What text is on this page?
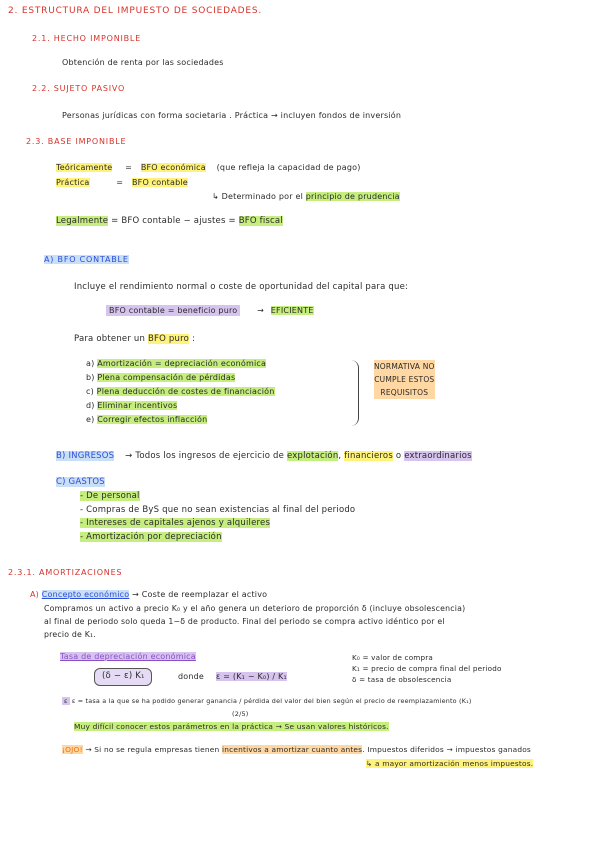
2. ESTRUCTURA DEL IMPUESTO DE SOCIEDADES.
2.1. HECHO IMPONIBLE
Obtención de renta por las sociedades
2.2. SUJETO PASIVO
Personas jurídicas con forma societaria . Práctica → incluyen fondos de inversión
2.3. BASE IMPONIBLE
Teóricamente = BFO económica (que refleja la capacidad de pago)
Práctica	= BFO contable
↳ Determinado por el principio de prudencia
Legalmente = BFO contable − ajustes = BFO fiscal
A) BFO CONTABLE
Incluye el rendimiento normal o coste de oportunidad del capital para que:
BFO contable = beneficio puro → EFICIENTE
Para obtener un BFO puro :
a) Amortización = depreciación económica
b) Plena compensación de pérdidas
c) Plena deducción de costes de financiación
d) Eliminar incentivos
e) Corregir efectos inflacción
NORMATIVA NO
CUMPLE ESTOS
REQUISITOS
B) INGRESOS → Todos los ingresos de ejercicio de explotación, financieros o extraordinarios
C) GASTOS
- De personal
- Compras de ByS que no sean existencias al final del periodo
- Intereses de capitales ajenos y alquileres
- Amortización por depreciación
2.3.1. AMORTIZACIONES
A) Concepto económico → Coste de reemplazar el activo
Compramos un activo a precio K₀ y el año genera un deterioro de proporción δ (incluye obsolescencia)
al final de periodo solo queda 1−δ de producto. Final del periodo se compra activo idéntico por el
precio de K₁.
Tasa de depreciación económica
(δ − ε) K₁	donde ε = (K₁ − K₀) / K₁
K₀ = valor de compra
K₁ = precio de compra final del periodo
δ = tasa de obsolescencia
ε ε = tasa a la que se ha podido generar ganancia / pérdida del valor del bien según el precio de reemplazamiento (K₁)
(2/5)
Muy difícil conocer estos parámetros en la práctica → Se usan valores históricos.
¡OJO! → Si no se regula empresas tienen incentivos a amortizar cuanto antes. Impuestos diferidos → impuestos ganados
↳ a mayor amortización menos impuestos.
